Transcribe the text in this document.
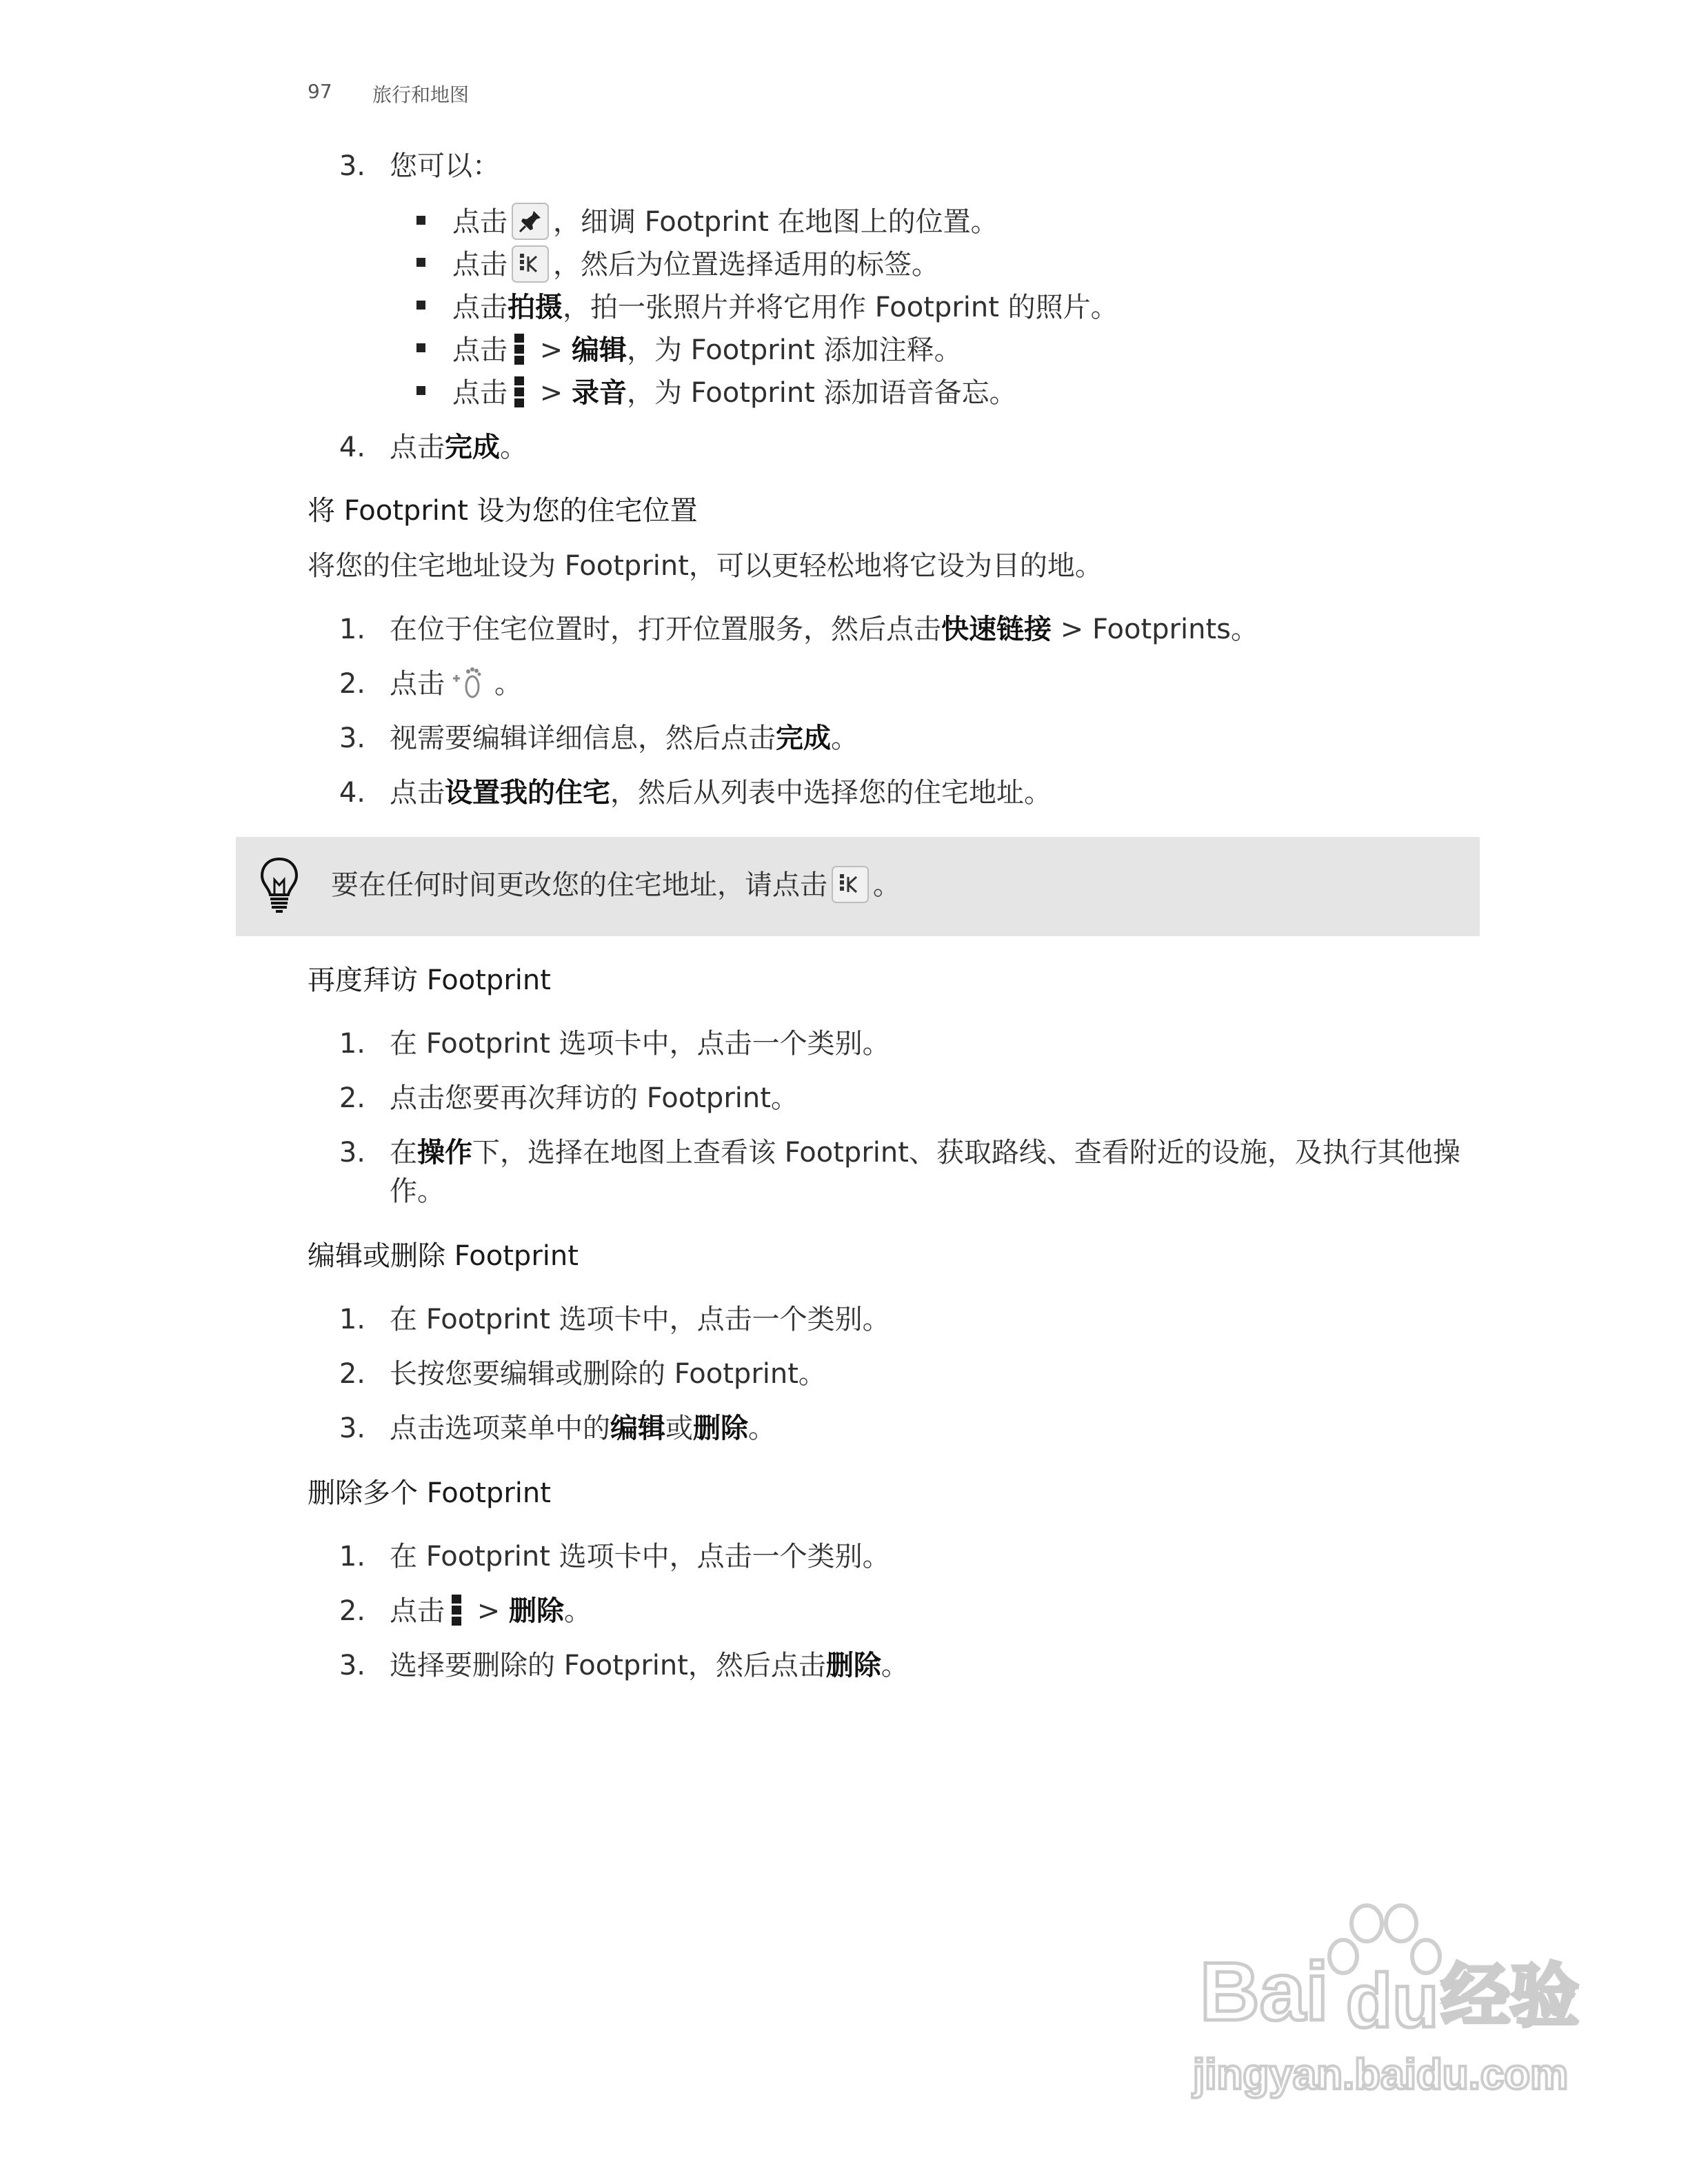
97 旅行和地图
3. 您可以：
点击 ，细调 Footprint 在地图上的位置。
点击 ，然后为位置选择适用的标签。
点击拍摄，拍一张照片并将它用作 Footprint 的照片。
点击
> 编辑，为 Footprint 添加注释。
点击
> 录音，为 Footprint 添加语音备忘。
4. 点击完成。
将 Footprint 设为您的住宅位置
将您的住宅地址设为 Footprint，可以更轻松地将它设为目的地。
1. 在位于住宅位置时，打开位置服务，然后点击快速链接 > Footprints。
2. 点击 。
3. 视需要编辑详细信息，然后点击完成。
4. 点击设置我的住宅，然后从列表中选择您的住宅地址。
要在任何时间更改您的住宅地址，请点击 。
再度拜访 Footprint
1. 在 Footprint 选项卡中，点击一个类别。
2. 点击您要再次拜访的 Footprint。
3. 在操作下，选择在地图上查看该 Footprint、获取路线、查看附近的设施，及执行其他操
作。
编辑或删除 Footprint
1. 在 Footprint 选项卡中，点击一个类别。
2. 长按您要编辑或删除的 Footprint。
3. 点击选项菜单中的编辑或删除。
删除多个 Footprint
1. 在 Footprint 选项卡中，点击一个类别。
2. 点击
> 删除。
3. 选择要删除的 Footprint，然后点击删除。
Bai du 经验
jingyan.baidu.com
